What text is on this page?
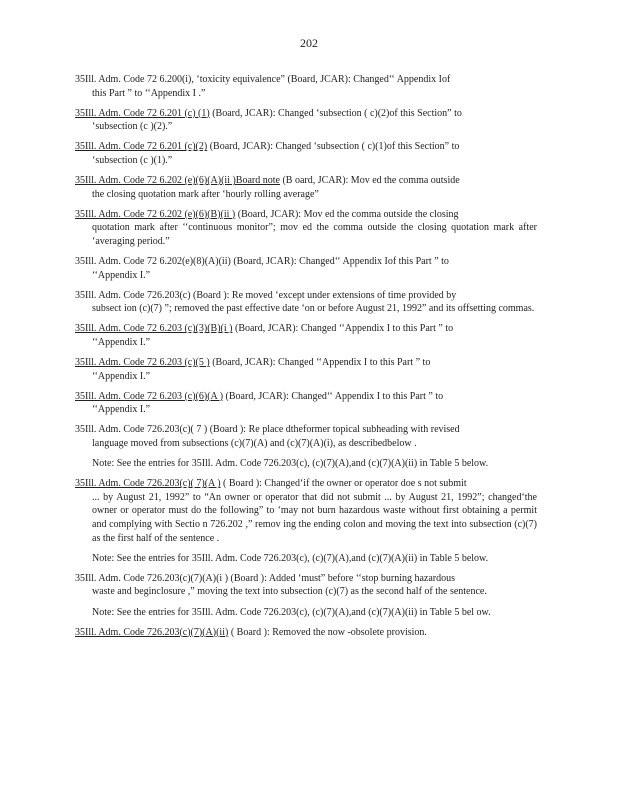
202
35Ill. Adm. Code 72 6.200(i), ‘toxicity equivalence” (Board, JCAR): Changed‘‘ Appendix Iof
this Part ” to ‘‘Appendix I .”
35Ill. Adm. Code 72 6.201 (c) (1) (Board, JCAR): Changed ‘subsection ( c)(2)of this Section” to
‘subsection (c )(2).”
35Ill. Adm. Code 72 6.201 (c)(2) (Board, JCAR): Changed ‘subsection ( c)(1)of this Section” to
‘subsection (c )(1).”
35Ill. Adm. Code 72 6.202 (e)(6)(A)(ii )Board note (B oard, JCAR): Mov ed the comma outside
the closing quotation mark after ‘hourly rolling average”
35Ill. Adm. Code 72 6.202 (e)(6)(B)(ii ) (Board, JCAR): Mov ed the comma outside the closing
quotation mark after ‘‘continuous monitor”; mov ed the comma outside the closing quotation mark after ‘averaging period.”
35Ill. Adm. Code 72 6.202(e)(8)(A)(ii) (Board, JCAR): Changed‘‘ Appendix Iof this Part ” to
‘‘Appendix I.”
35Ill. Adm. Code 726.203(c) (Board ): Re moved ‘except under extensions of time provided by
subsect ion (c)(7) ”; removed the past effective date ‘on or before August 21, 1992” and its offsetting commas.
35Ill. Adm. Code 72 6.203 (c)(3)(B)(i ) (Board, JCAR): Changed ‘‘Appendix I to this Part ” to
‘‘Appendix I.”
35Ill. Adm. Code 72 6.203 (c)(5 ) (Board, JCAR): Changed ‘‘Appendix I to this Part ” to
‘‘Appendix I.”
35Ill. Adm. Code 72 6.203 (c)(6)(A ) (Board, JCAR): Changed‘‘ Appendix I to this Part ” to
‘‘Appendix I.”
35Ill. Adm. Code 726.203(c)( 7 ) (Board ): Re place dtheformer topical subheading with revised
language moved from subsections (c)(7)(A) and (c)(7)(A)(i), as describedbelow .
Note: See the entries for 35Ill. Adm. Code 726.203(c), (c)(7)(A),and (c)(7)(A)(ii) in Table 5 below.
35Ill. Adm. Code 726.203(c)( 7)(A ) ( Board ): Changed‘if the owner or operator doe s not submit
... by August 21, 1992” to “An owner or operator that did not submit ... by August 21, 1992”; changed‘the owner or operator must do the following” to ‘may not burn hazardous waste without first obtaining a permit and complying with Sectio n 726.202 ,” remov ing the ending colon and moving the text into subsection (c)(7) as the first half of the sentence .
Note: See the entries for 35Ill. Adm. Code 726.203(c), (c)(7)(A),and (c)(7)(A)(ii) in Table 5 below.
35Ill. Adm. Code 726.203(c)(7)(A)(i ) (Board ): Added ‘must” before ‘‘stop burning hazardous
waste and beginclosure ,” moving the text into subsection (c)(7) as the second half of the sentence.
Note: See the entries for 35Ill. Adm. Code 726.203(c), (c)(7)(A),and (c)(7)(A)(ii) in Table 5 bel ow.
35Ill. Adm. Code 726.203(c)(7)(A)(ii) ( Board ): Removed the now -obsolete provision.
